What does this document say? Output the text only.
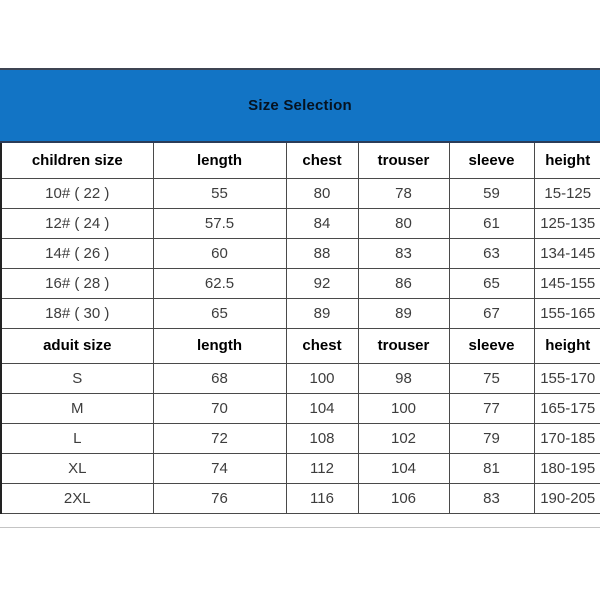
Size Selection
children size	length	chest	trouser	sleeve	height
10# ( 22 )	55	80	78	59	15-125
12# ( 24 )	57.5	84	80	61	125-135
14# ( 26 )	60	88	83	63	134-145
16# ( 28 )	62.5	92	86	65	145-155
18# ( 30 )	65	89	89	67	155-165
aduit size	length	chest	trouser	sleeve	height
S	68	100	98	75	155-170
M	70	104	100	77	165-175
L	72	108	102	79	170-185
XL	74	112	104	81	180-195
2XL	76	116	106	83	190-205
